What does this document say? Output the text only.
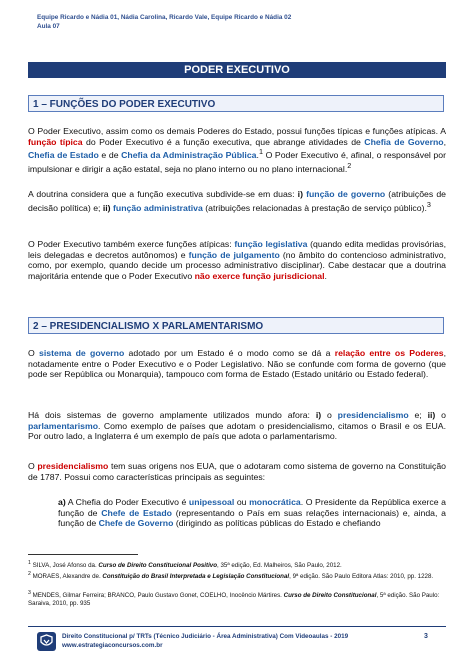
Equipe Ricardo e Nádia 01, Nádia Carolina, Ricardo Vale, Equipe Ricardo e Nádia 02
Aula 07
PODER EXECUTIVO
1 – FUNÇÕES DO PODER EXECUTIVO
O Poder Executivo, assim como os demais Poderes do Estado, possui funções típicas e funções atípicas. A função típica do Poder Executivo é a função executiva, que abrange atividades de Chefia de Governo, Chefia de Estado e de Chefia da Administração Pública.$^1$ O Poder Executivo é, afinal, o responsável por impulsionar e dirigir a ação estatal, seja no plano interno ou no plano internacional.$^2$
A doutrina considera que a função executiva subdivide-se em duas: i) função de governo (atribuições de decisão política) e; ii) função administrativa (atribuições relacionadas à prestação de serviço público).$^3$
O Poder Executivo também exerce funções atípicas: função legislativa (quando edita medidas provisórias, leis delegadas e decretos autônomos) e função de julgamento (no âmbito do contencioso administrativo, como, por exemplo, quando decide um processo administrativo disciplinar). Cabe destacar que a doutrina majoritária entende que o Poder Executivo não exerce função jurisdicional.
2 – PRESIDENCIALISMO X PARLAMENTARISMO
O sistema de governo adotado por um Estado é o modo como se dá a relação entre os Poderes, notadamente entre o Poder Executivo e o Poder Legislativo. Não se confunde com forma de governo (que pode ser República ou Monarquia), tampouco com forma de Estado (Estado unitário ou Estado federal).
Há dois sistemas de governo amplamente utilizados mundo afora: i) o presidencialismo e; ii) o parlamentarismo. Como exemplo de países que adotam o presidencialismo, citamos o Brasil e os EUA. Por outro lado, a Inglaterra é um exemplo de país que adota o parlamentarismo.
O presidencialismo tem suas origens nos EUA, que o adotaram como sistema de governo na Constituição de 1787. Possui como características principais as seguintes:
a) A Chefia do Poder Executivo é unipessoal ou monocrática. O Presidente da República exerce a função de Chefe de Estado (representando o País em suas relações internacionais) e, ainda, a função de Chefe de Governo (dirigindo as políticas públicas do Estado e chefiando
$^1$ SILVA, José Afonso da. Curso de Direito Constitucional Positivo, 35ª edição, Ed. Malheiros, São Paulo, 2012.
$^2$ MORAES, Alexandre de. Constituição do Brasil Interpretada e Legislação Constitucional, 9ª edição. São Paulo Editora Atlas: 2010, pp. 1228.
$^3$ MENDES, Gilmar Ferreira; BRANCO, Paulo Gustavo Gonet, COELHO, Inocêncio Mártires. Curso de Direito Constitucional, 5ª edição. São Paulo: Saraiva, 2010, pp. 935
Direito Constitucional p/ TRTs (Técnico Judiciário - Área Administrativa) Com Videoaulas - 2019
www.estrategiaconcursos.com.br
3
